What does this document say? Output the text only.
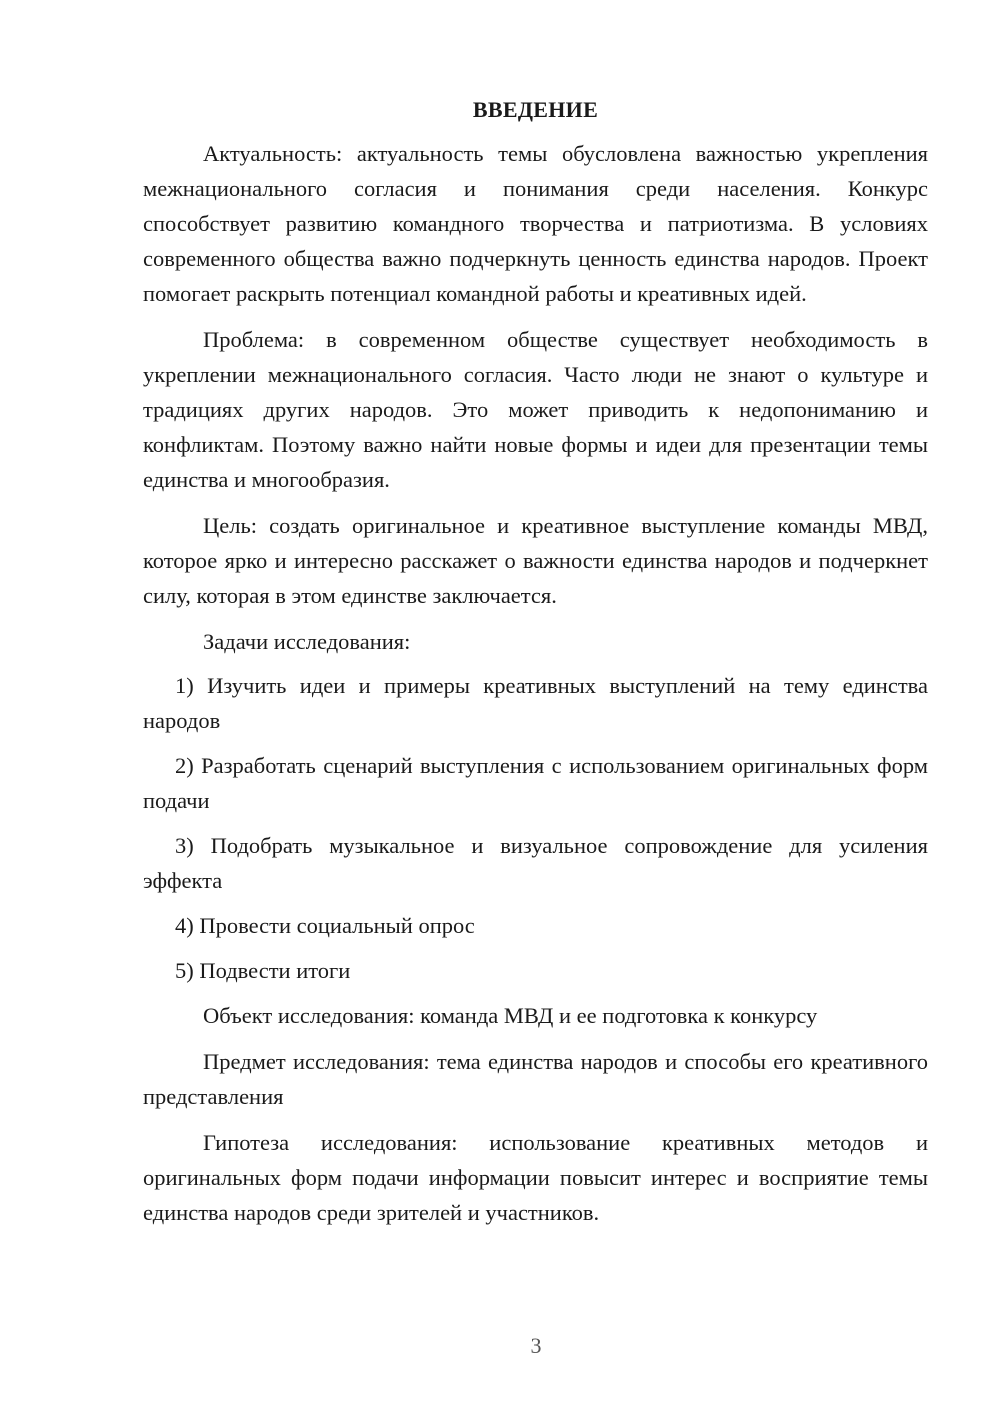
ВВЕДЕНИЕ

Актуальность: актуальность темы обусловлена важностью укрепления межнационального согласия и понимания среди населения. Конкурс способствует развитию командного творчества и патриотизма. В условиях современного общества важно подчеркнуть ценность единства народов. Проект помогает раскрыть потенциал командной работы и креативных идей.

Проблема: в современном обществе существует необходимость в укреплении межнационального согласия. Часто люди не знают о культуре и традициях других народов. Это может приводить к недопониманию и конфликтам. Поэтому важно найти новые формы и идеи для презентации темы единства и многообразия.

Цель: создать оригинальное и креативное выступление команды МВД, которое ярко и интересно расскажет о важности единства народов и подчеркнет силу, которая в этом единстве заключается.

Задачи исследования:

1) Изучить идеи и примеры креативных выступлений на тему единства народов

2) Разработать сценарий выступления с использованием оригинальных форм подачи

3) Подобрать музыкальное и визуальное сопровождение для усиления эффекта

4) Провести социальный опрос

5) Подвести итоги

Объект исследования: команда МВД и ее подготовка к конкурсу

Предмет исследования: тема единства народов и способы его креативного представления

Гипотеза исследования: использование креативных методов и оригинальных форм подачи информации повысит интерес и восприятие темы единства народов среди зрителей и участников.

3
